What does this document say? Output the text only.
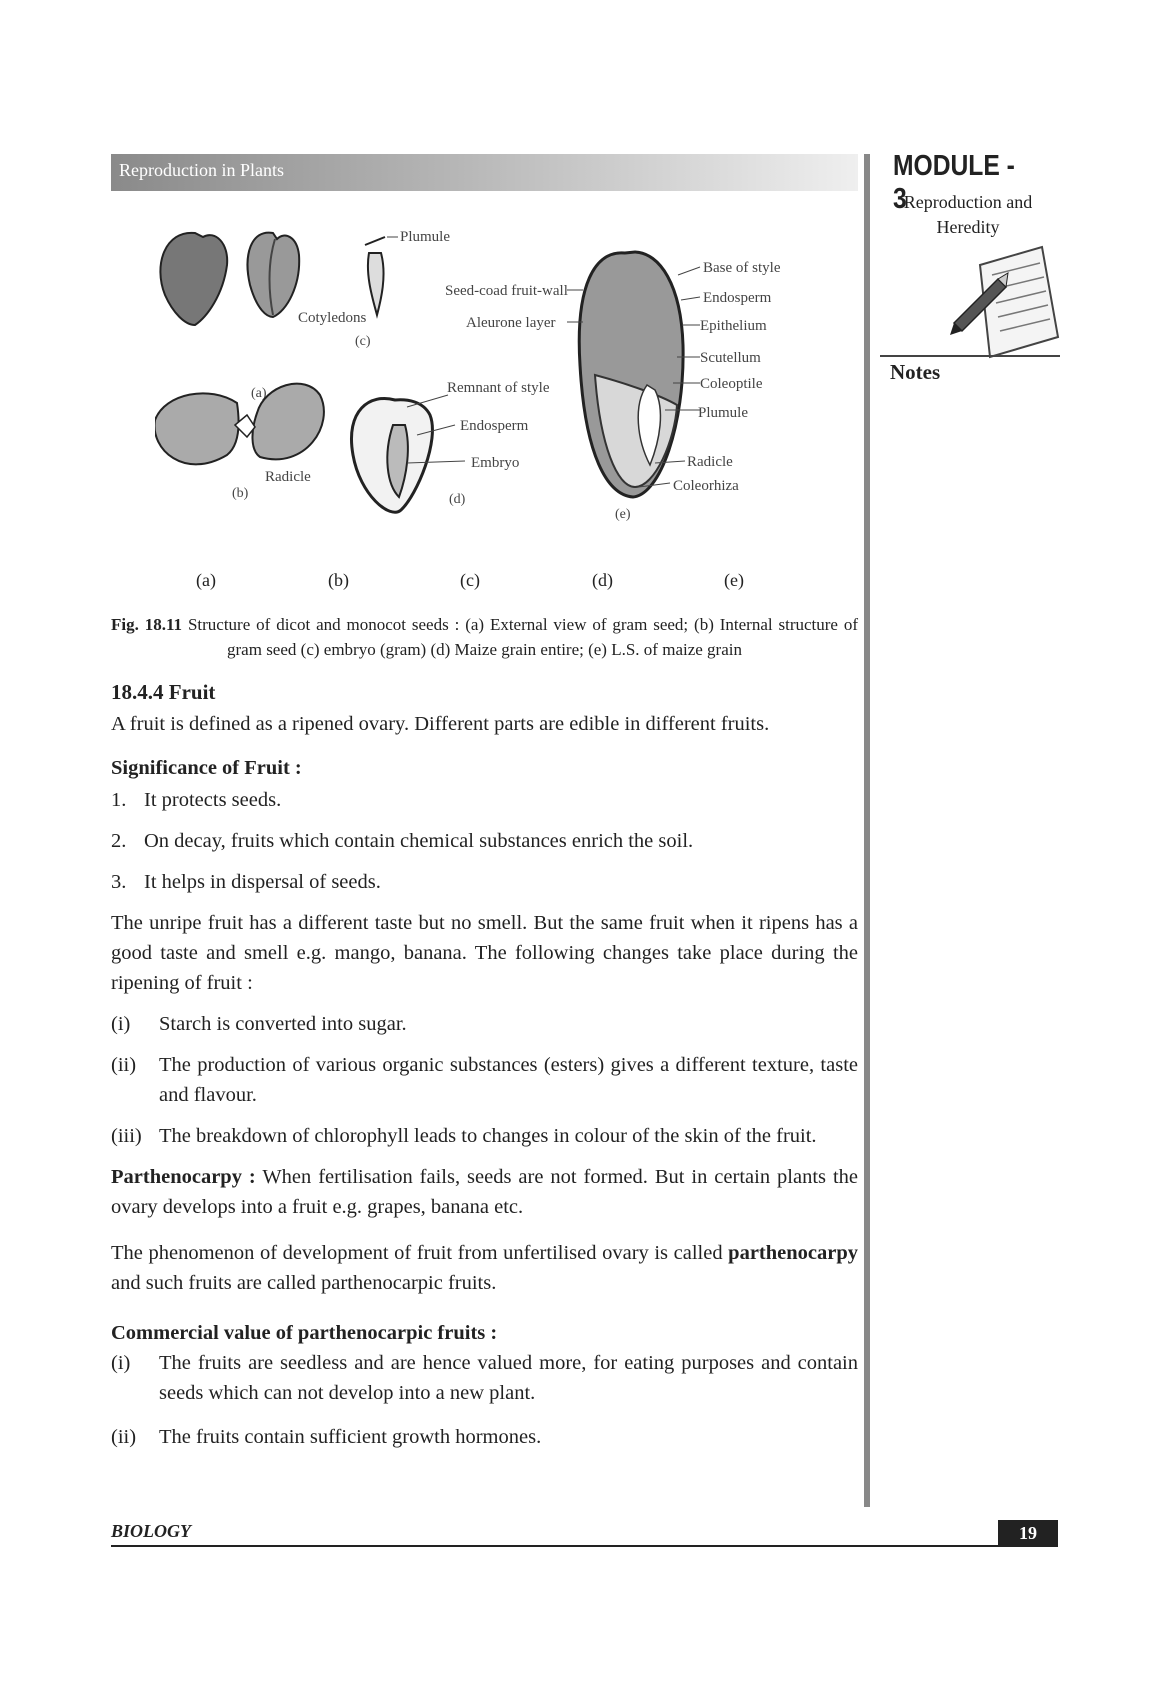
Reproduction in Plants	MODULE - 3
Reproduction and
Heredity
Notes
(a)
Plumule
Cotyledons
(c)
Radicle
(b)
Remnant of style
Endosperm
Embryo
(d)
Seed-coad fruit-wall
Aleurone layer
Base of style
Endosperm
Epithelium
Scutellum
Coleoptile
Plumule
Radicle
Coleorhiza
(e)
(a)	(b)	(c)	(d)	(e)
Fig. 18.11 Structure of dicot and monocot seeds : (a) External view of gram seed; (b) Internal structure of gram seed (c) embryo (gram) (d) Maize grain entire; (e) L.S. of maize grain
18.4.4 Fruit

A fruit is defined as a ripened ovary. Different parts are edible in different fruits.

Significance of Fruit :
1. It protects seeds.
2. On decay, fruits which contain chemical substances enrich the soil.
3. It helps in dispersal of seeds.

The unripe fruit has a different taste but no smell. But the same fruit when it ripens has a good taste and smell e.g. mango, banana. The following changes take place during the ripening of fruit :

(i)	Starch is converted into sugar.
(ii)	The production of various organic substances (esters) gives a different texture, taste and flavour.
(iii) The breakdown of chlorophyll leads to changes in colour of the skin of the fruit.

Parthenocarpy : When fertilisation fails, seeds are not formed. But in certain plants the ovary develops into a fruit e.g. grapes, banana etc.

The phenomenon of development of fruit from unfertilised ovary is called parthenocarpy and such fruits are called parthenocarpic fruits.

Commercial value of parthenocarpic fruits :
(i)	The fruits are seedless and are hence valued more, for eating purposes and contain seeds which can not develop into a new plant.
(ii)	The fruits contain sufficient growth hormones.
BIOLOGY	19
